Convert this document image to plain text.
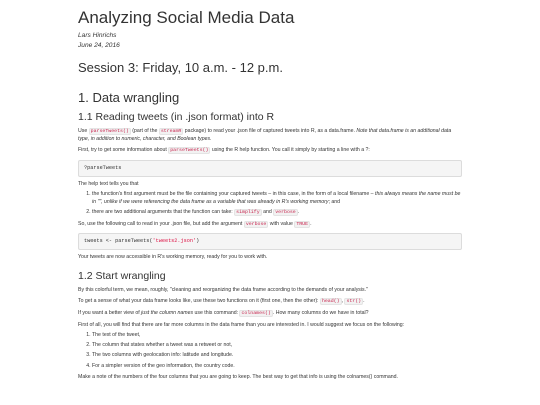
Analyzing Social Media Data
Lars Hinrichs
June 24, 2016
Session 3: Friday, 10 a.m. - 12 p.m.
1. Data wrangling
1.1 Reading tweets (in .json format) into R

Use parseTweets() (part of the streamR package) to read your .json file of captured tweets into R, as a data.frame. Note that data.frame is an additional data type, in addition to numeric, character, and Boolean types.

First, try to get some information about parseTweets() using the R help function. You call it simply by starting a line with a ?:

?parseTweets

The help text tells you that

1. the function's first argument must be the file containing your captured tweets – in this case, in the form of a local filename – this always means the name must be in "", unlike if we were referencing the data frame as a variable that was already in R's working memory; and
2. there are two additional arguments that the function can take: simplify and verbose .

So, use the following call to read in your .json file, but add the argument verbose with value TRUE .

tweets <- parseTweets('tweets2.json')

Your tweets are now accessible in R's working memory, ready for you to work with.

1.2 Start wrangling

By this colorful term, we mean, roughly, "cleaning and reorganizing the data frame according to the demands of your analysis."

To get a sense of what your data frame looks like, use these two functions on it (first one, then the other): head() , str() .

If you want a better view of just the column names use this command: colnames() . How many columns do we have in total?

First of all, you will find that there are far more columns in the data frame than you are interested in. I would suggest we focus on the following:

1. The text of the tweet,
2. The column that states whether a tweet was a retweet or not,
3. The two columns with geolocation info: latitude and longitude.
4. For a simpler version of the geo information, the country code.

Make a note of the numbers of the four columns that you are going to keep. The best way to get that info is using the colnames() command.
